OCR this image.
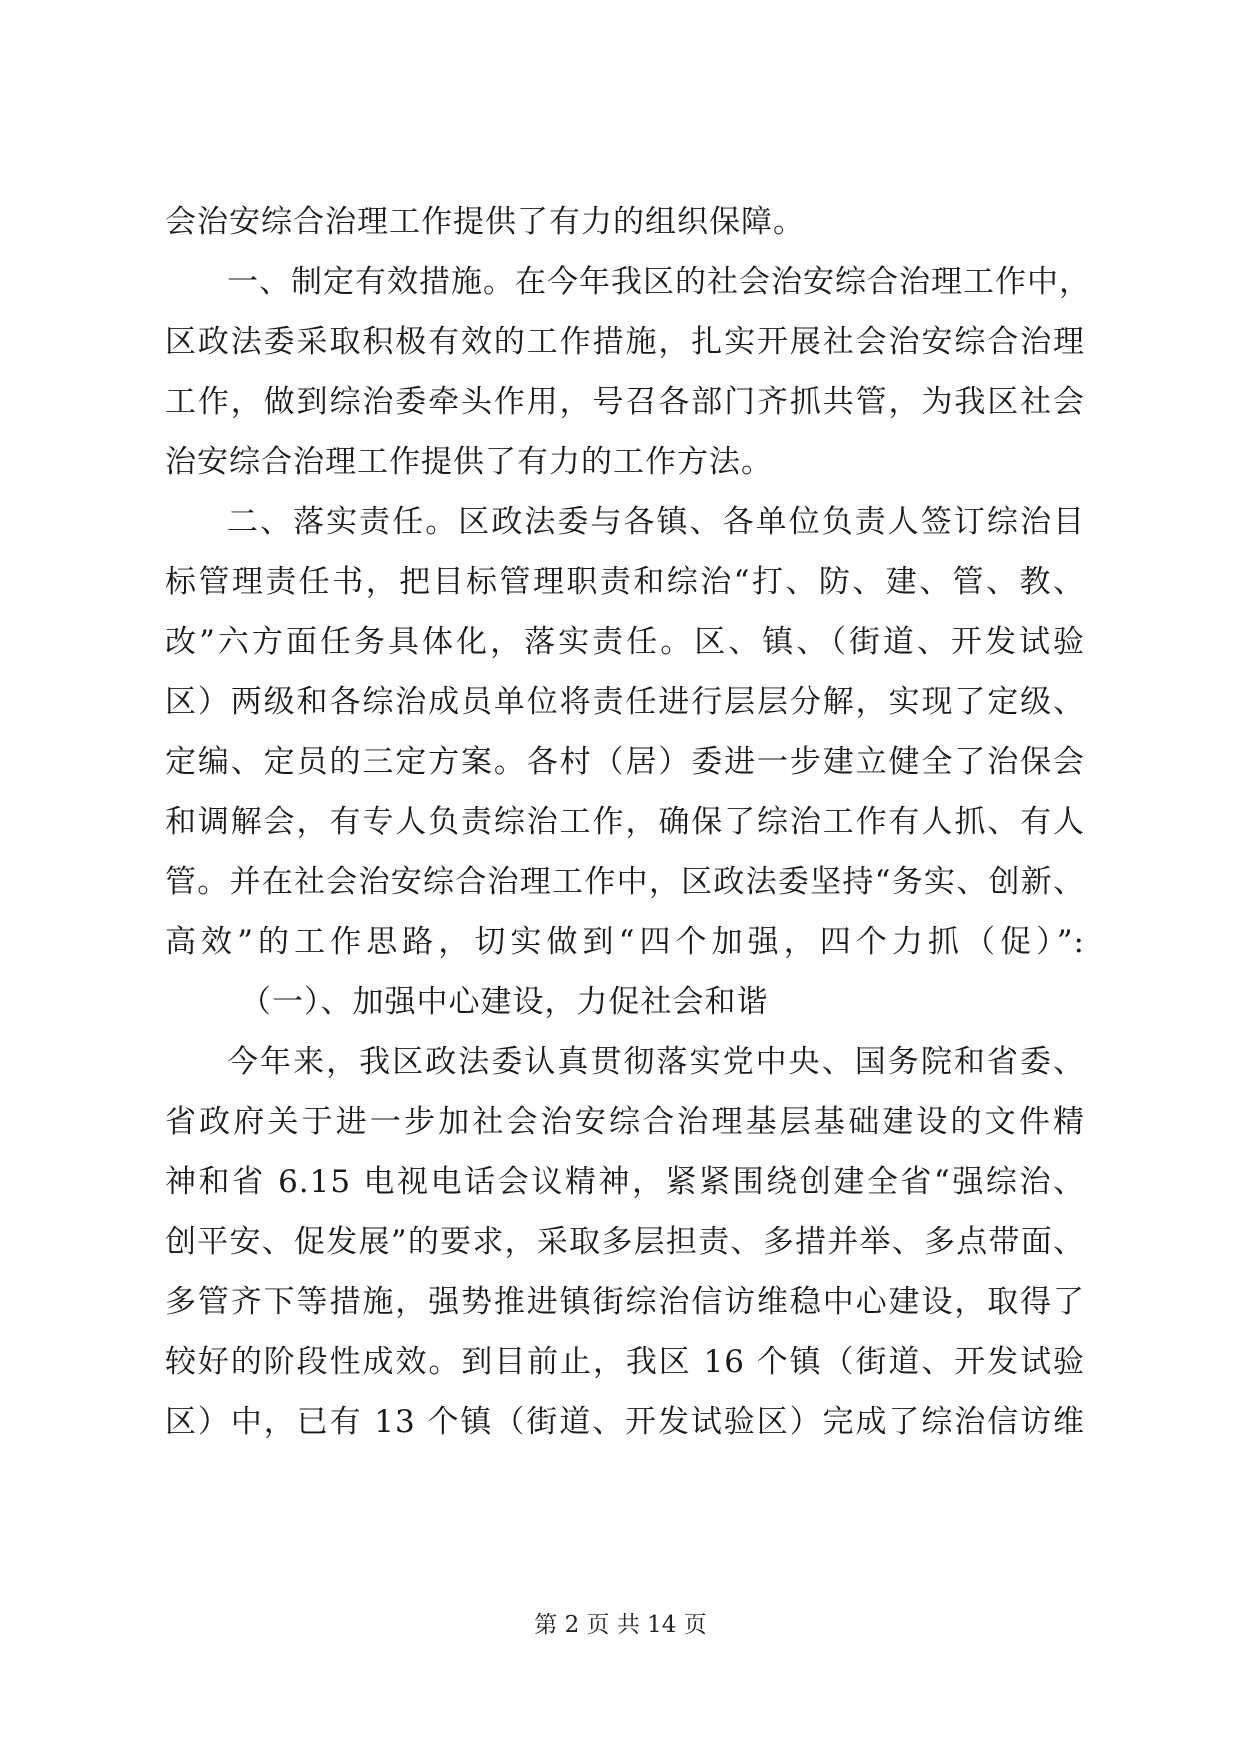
会治安综合治理工作提供了有力的组织保障。
一、制定有效措施。在今年我区的社会治安综合治理工作中，
区政法委采取积极有效的工作措施，扎实开展社会治安综合治理
工作，做到综治委牵头作用，号召各部门齐抓共管，为我区社会
治安综合治理工作提供了有力的工作方法。
二、落实责任。区政法委与各镇、各单位负责人签订综治目
标管理责任书，把目标管理职责和综治“打、防、建、管、教、
改”六方面任务具体化，落实责任。区、镇、（街道、开发试验
区）两级和各综治成员单位将责任进行层层分解，实现了定级、
定编、定员的三定方案。各村（居）委进一步建立健全了治保会
和调解会，有专人负责综治工作，确保了综治工作有人抓、有人
管。并在社会治安综合治理工作中，区政法委坚持“务实、创新、
高效”的工作思路，切实做到“四个加强，四个力抓（促）”:
（一）、加强中心建设，力促社会和谐
今年来，我区政法委认真贯彻落实党中央、国务院和省委、
省政府关于进一步加社会治安综合治理基层基础建设的文件精
神和省 6.15 电视电话会议精神，紧紧围绕创建全省“强综治、
创平安、促发展”的要求，采取多层担责、多措并举、多点带面、
多管齐下等措施，强势推进镇街综治信访维稳中心建设，取得了
较好的阶段性成效。到目前止，我区 16 个镇（街道、开发试验
区）中，已有 13 个镇（街道、开发试验区）完成了综治信访维
第 2 页 共 14 页
